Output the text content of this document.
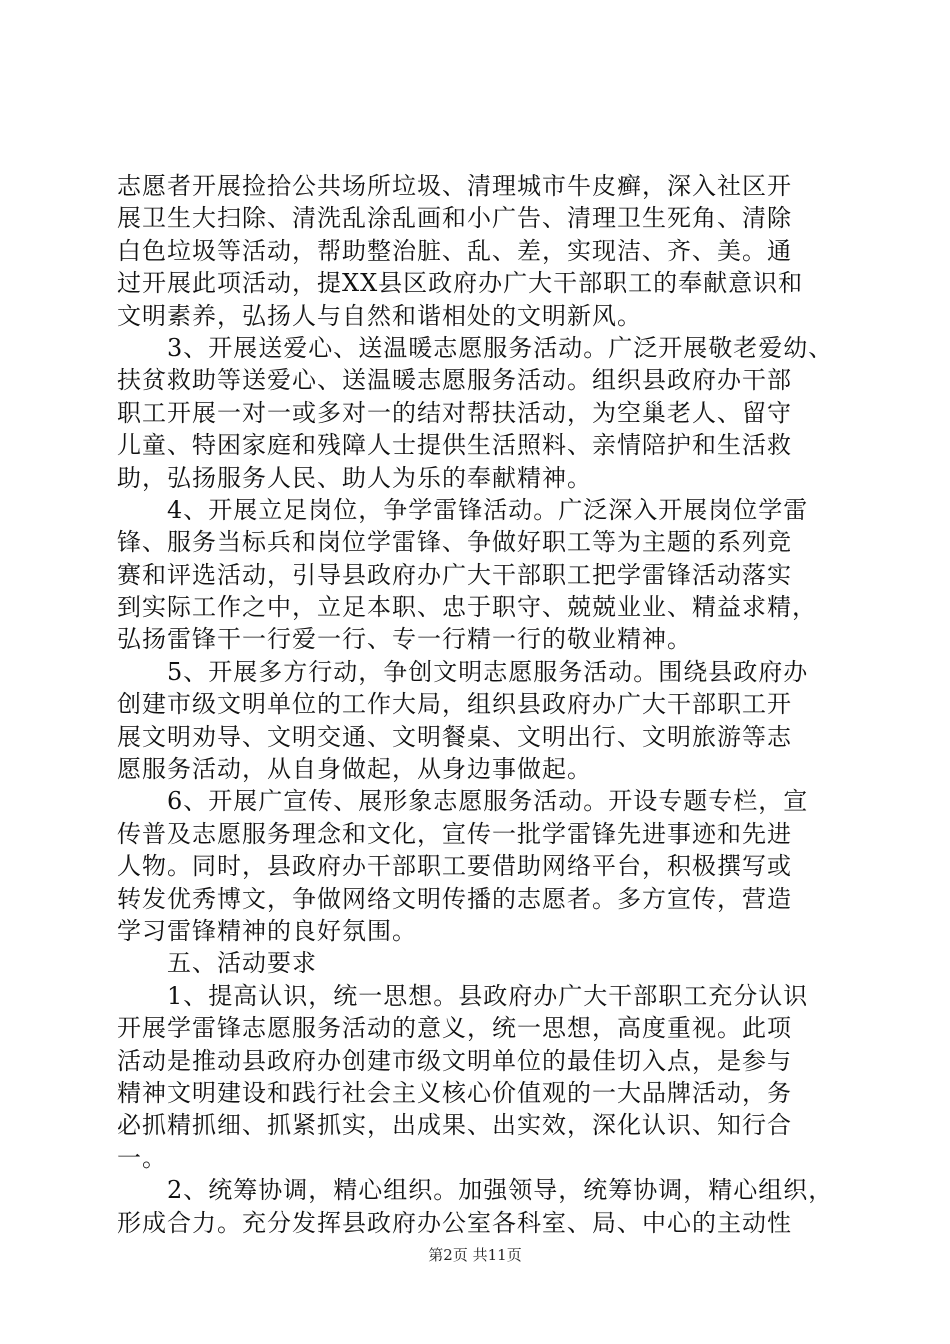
志愿者开展捡拾公共场所垃圾、清理城市牛皮癣，深入社区开
展卫生大扫除、清洗乱涂乱画和小广告、清理卫生死角、清除
白色垃圾等活动，帮助整治脏、乱、差，实现洁、齐、美。通
过开展此项活动，提XX县区政府办广大干部职工的奉献意识和
文明素养，弘扬人与自然和谐相处的文明新风。
　　3、开展送爱心、送温暖志愿服务活动。广泛开展敬老爱幼、
扶贫救助等送爱心、送温暖志愿服务活动。组织县政府办干部
职工开展一对一或多对一的结对帮扶活动，为空巢老人、留守
儿童、特困家庭和残障人士提供生活照料、亲情陪护和生活救
助，弘扬服务人民、助人为乐的奉献精神。
　　4、开展立足岗位，争学雷锋活动。广泛深入开展岗位学雷
锋、服务当标兵和岗位学雷锋、争做好职工等为主题的系列竞
赛和评选活动，引导县政府办广大干部职工把学雷锋活动落实
到实际工作之中，立足本职、忠于职守、兢兢业业、精益求精，
弘扬雷锋干一行爱一行、专一行精一行的敬业精神。
　　5、开展多方行动，争创文明志愿服务活动。围绕县政府办
创建市级文明单位的工作大局，组织县政府办广大干部职工开
展文明劝导、文明交通、文明餐桌、文明出行、文明旅游等志
愿服务活动，从自身做起，从身边事做起。
　　6、开展广宣传、展形象志愿服务活动。开设专题专栏，宣
传普及志愿服务理念和文化，宣传一批学雷锋先进事迹和先进
人物。同时，县政府办干部职工要借助网络平台，积极撰写或
转发优秀博文，争做网络文明传播的志愿者。多方宣传，营造
学习雷锋精神的良好氛围。
　　五、活动要求
　　1、提高认识，统一思想。县政府办广大干部职工充分认识
开展学雷锋志愿服务活动的意义，统一思想，高度重视。此项
活动是推动县政府办创建市级文明单位的最佳切入点，是参与
精神文明建设和践行社会主义核心价值观的一大品牌活动，务
必抓精抓细、抓紧抓实，出成果、出实效，深化认识、知行合
一。
　　2、统筹协调，精心组织。加强领导，统筹协调，精心组织，
形成合力。充分发挥县政府办公室各科室、局、中心的主动性
第2页 共11页
